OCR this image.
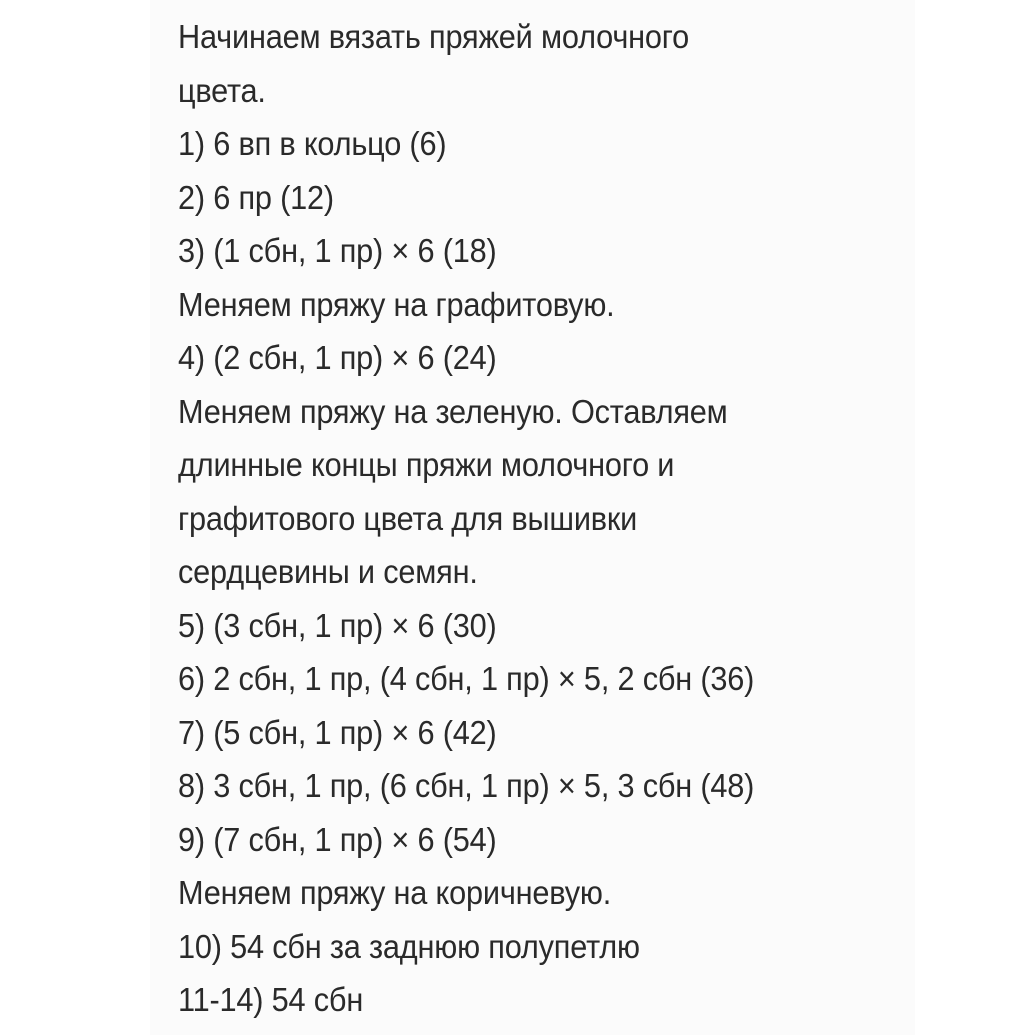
Начинаем вязать пряжей молочного
цвета.
1) 6 вп в кольцо (6)
2) 6 пр (12)
3) (1 сбн, 1 пр) × 6 (18)
Меняем пряжу на графитовую.
4) (2 сбн, 1 пр) × 6 (24)
Меняем пряжу на зеленую. Оставляем
длинные концы пряжи молочного и
графитового цвета для вышивки
сердцевины и семян.
5) (3 сбн, 1 пр) × 6 (30)
6) 2 сбн, 1 пр, (4 сбн, 1 пр) × 5, 2 сбн (36)
7) (5 сбн, 1 пр) × 6 (42)
8) 3 сбн, 1 пр, (6 сбн, 1 пр) × 5, 3 сбн (48)
9) (7 сбн, 1 пр) × 6 (54)
Меняем пряжу на коричневую.
10) 54 сбн за заднюю полупетлю
11-14) 54 сбн
